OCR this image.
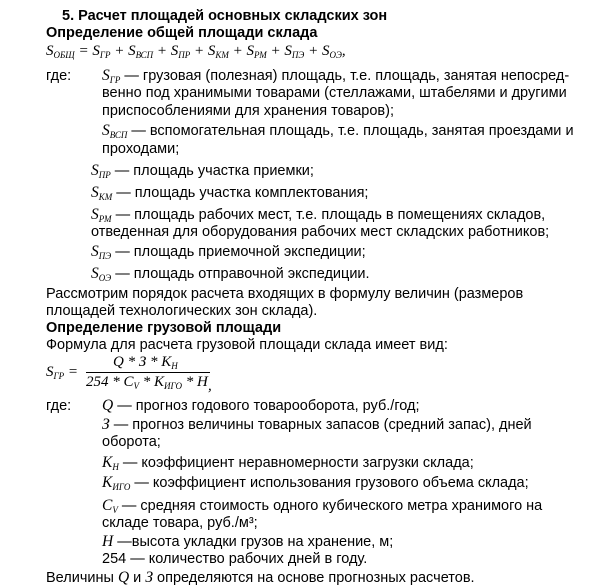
5. Расчет площадей основных складских зон
Определение общей площади склада
$S_{ОБЩ} = S_{ГР} + S_{ВСП} + S_{ПР} + S_{КМ} + S_{РМ} + S_{ПЭ} + S_{ОЭ}$,
где: $S_{ГР}$ — грузовая (полезная) площадь, т.е. площадь, занятая непосред-
венно под хранимыми товарами (стеллажами, штабелями и другими
приспособлениями для хранения товаров);
$S_{ВСП}$ — вспомогательная площадь, т.е. площадь, занятая проездами и
проходами;
$S_{ПР}$ — площадь участка приемки;
$S_{КМ}$ — площадь участка комплектования;
$S_{РМ}$ — площадь рабочих мест, т.е. площадь в помещениях складов,
отведенная для оборудования рабочих мест складских работников;
$S_{ПЭ}$ — площадь приемочной экспедиции;
$S_{ОЭ}$ — площадь отправочной экспедиции.
Рассмотрим порядок расчета входящих в формулу величин (размеров
площадей технологических зон склада).
Определение грузовой площади
Формула для расчета грузовой площади склада имеет вид:
$S_{ГР}$ =
Q * З * $K_Н$
$254 * C_V * K_{ИГО}$ * H ,
где: Q — прогноз годового товарооборота, руб./год;
З — прогноз величины товарных запасов (средний запас), дней
оборота;
$K_Н$ — коэффициент неравномерности загрузки склада;
$K_{ИГО}$ — коэффициент использования грузового объема склада;
$C_V$ — средняя стоимость одного кубического метра хранимого на
складе товара, руб./м³;
H —высота укладки грузов на хранение, м;
254 — количество рабочих дней в году.
Величины Q и З определяются на основе прогнозных расчетов.
